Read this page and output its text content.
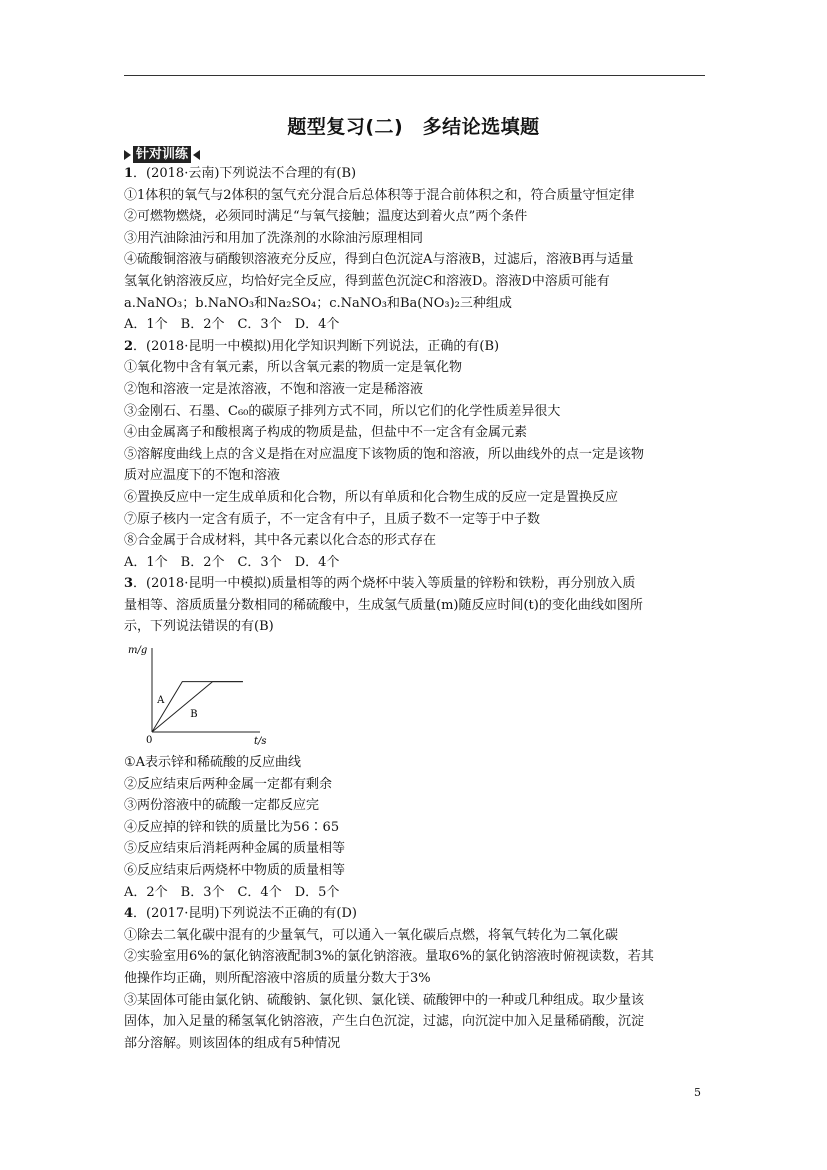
题型复习(二)　多结论选填题
针对训练
1．(2018·云南)下列说法不合理的有(B)
①1体积的氧气与2体积的氢气充分混合后总体积等于混合前体积之和，符合质量守恒定律
②可燃物燃烧，必须同时满足“与氧气接触；温度达到着火点”两个条件
③用汽油除油污和用加了洗涤剂的水除油污原理相同
④硫酸铜溶液与硝酸钡溶液充分反应，得到白色沉淀A与溶液B，过滤后，溶液B再与适量
氢氧化钠溶液反应，均恰好完全反应，得到蓝色沉淀C和溶液D。溶液D中溶质可能有
a.NaNO₃；b.NaNO₃和Na₂SO₄；c.NaNO₃和Ba(NO₃)₂三种组成
A．1个　B．2个　C．3个　D．4个
2．(2018·昆明一中模拟)用化学知识判断下列说法，正确的有(B)
①氧化物中含有氧元素，所以含氧元素的物质一定是氧化物
②饱和溶液一定是浓溶液，不饱和溶液一定是稀溶液
③金刚石、石墨、C₆₀的碳原子排列方式不同，所以它们的化学性质差异很大
④由金属离子和酸根离子构成的物质是盐，但盐中不一定含有金属元素
⑤溶解度曲线上点的含义是指在对应温度下该物质的饱和溶液，所以曲线外的点一定是该物
质对应温度下的不饱和溶液
⑥置换反应中一定生成单质和化合物，所以有单质和化合物生成的反应一定是置换反应
⑦原子核内一定含有质子，不一定含有中子，且质子数不一定等于中子数
⑧合金属于合成材料，其中各元素以化合态的形式存在
A．1个　B．2个　C．3个　D．4个
3．(2018·昆明一中模拟)质量相等的两个烧杯中装入等质量的锌粉和铁粉，再分别放入质
量相等、溶质质量分数相同的稀硫酸中，生成氢气质量(m)随反应时间(t)的变化曲线如图所
示，下列说法错误的有(B)
m/g
t/s
0
A
B
①A表示锌和稀硫酸的反应曲线
②反应结束后两种金属一定都有剩余
③两份溶液中的硫酸一定都反应完
④反应掉的锌和铁的质量比为56∶65
⑤反应结束后消耗两种金属的质量相等
⑥反应结束后两烧杯中物质的质量相等
A．2个　B．3个　C．4个　D．5个
4．(2017·昆明)下列说法不正确的有(D)
①除去二氧化碳中混有的少量氧气，可以通入一氧化碳后点燃，将氧气转化为二氧化碳
②实验室用6%的氯化钠溶液配制3%的氯化钠溶液。量取6%的氯化钠溶液时俯视读数，若其
他操作均正确，则所配溶液中溶质的质量分数大于3%
③某固体可能由氯化钠、硫酸钠、氯化钡、氯化镁、硫酸钾中的一种或几种组成。取少量该
固体，加入足量的稀氢氧化钠溶液，产生白色沉淀，过滤，向沉淀中加入足量稀硝酸，沉淀
部分溶解。则该固体的组成有5种情况
5
